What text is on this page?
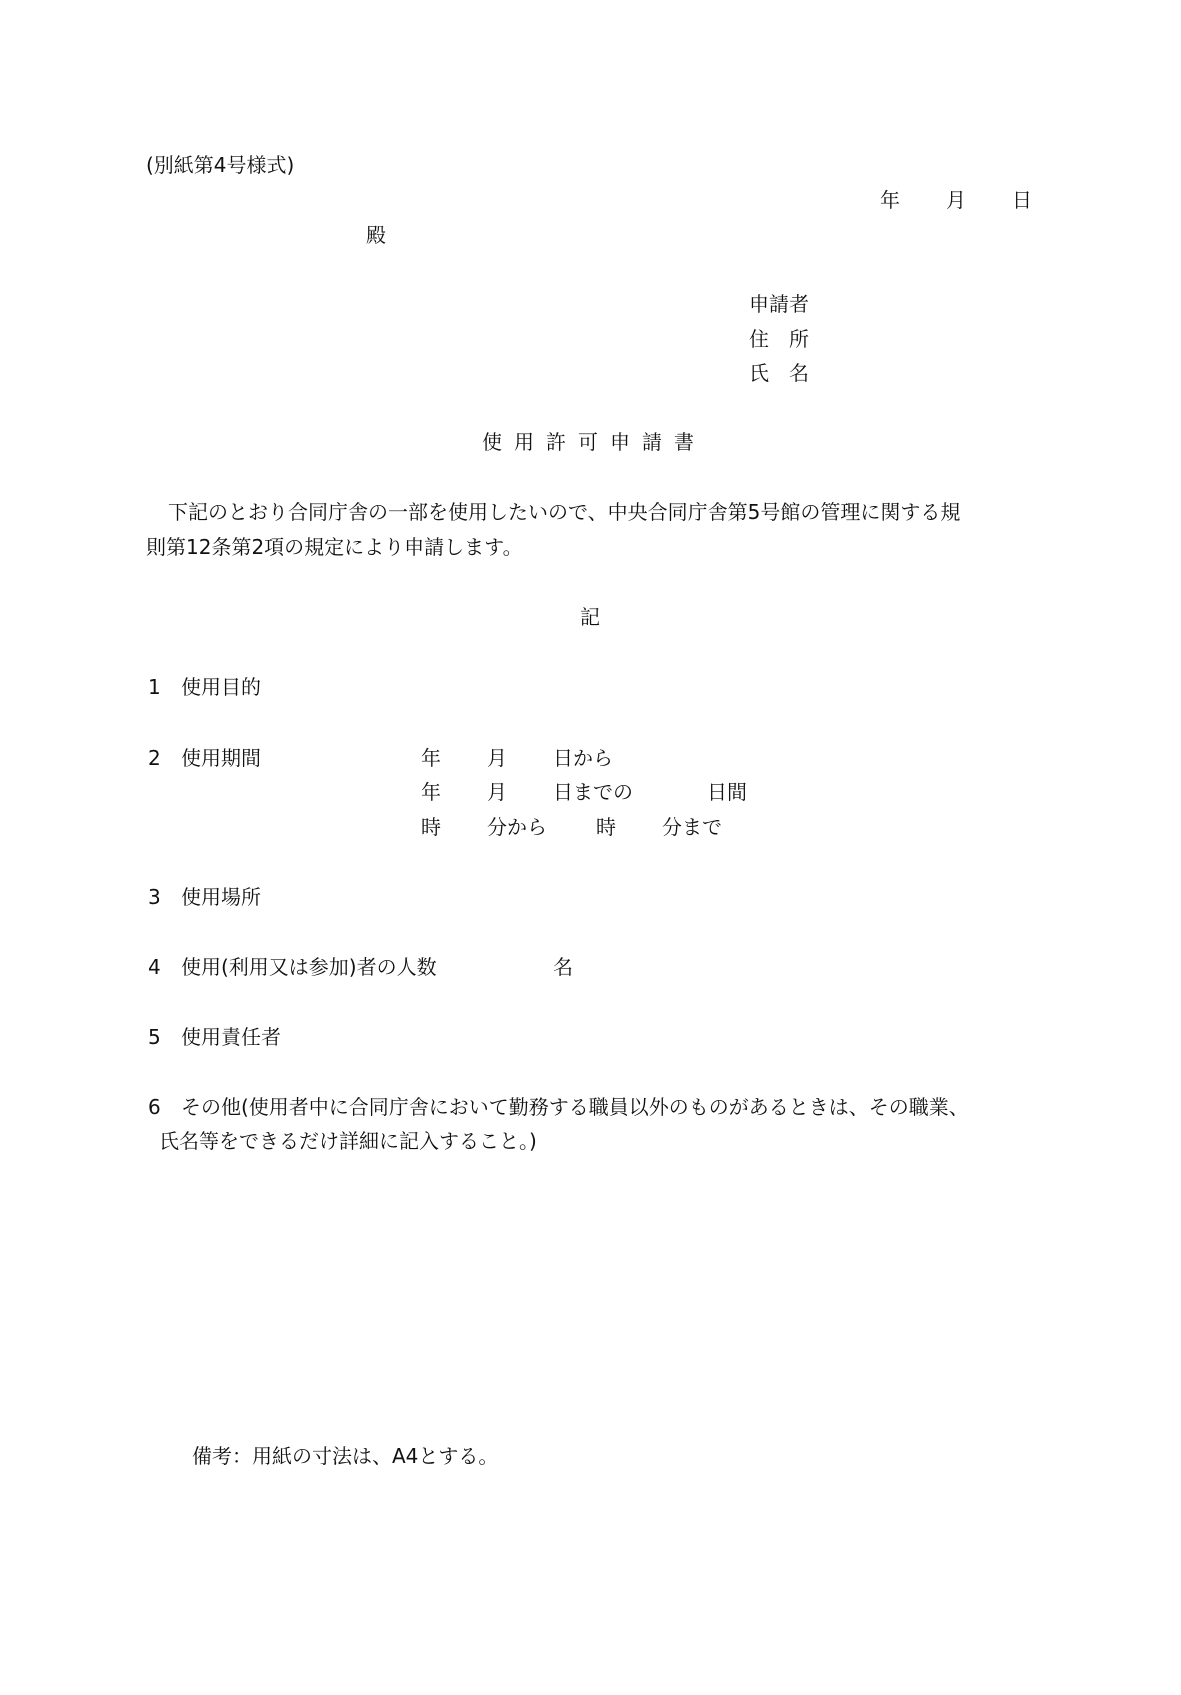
(別紙第4号様式)
年 月 日
殿
申請者
住　所
氏　名
使用許可申請書
下記のとおり合同庁舎の一部を使用したいので、中央合同庁舎第5号館の管理に関する規
則第12条第2項の規定により申請します。
記
1 使用目的
2 使用期間	年 月 日から
年 月 日までの	日間
時 分から 時 分まで
3 使用場所
4 使用(利用又は参加)者の人数	名
5 使用責任者
6 その他(使用者中に合同庁舎において勤務する職員以外のものがあるときは、その職業、
氏名等をできるだけ詳細に記入すること。)
備考：用紙の寸法は、A4とする。
